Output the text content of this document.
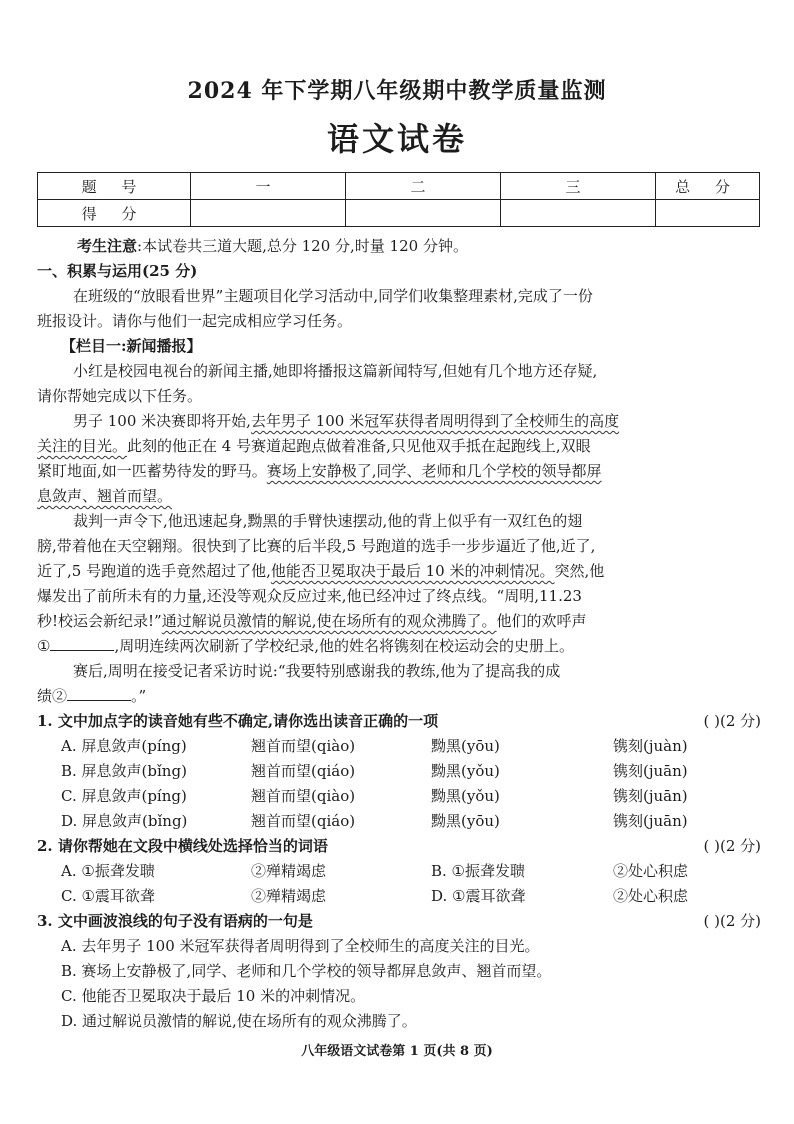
2024 年下学期八年级期中教学质量监测
语文试卷
题 号	一	二	三	总 分
得 分				
考生注意:本试卷共三道大题,总分 120 分,时量 120 分钟。
一、积累与运用(25 分)
在班级的“放眼看世界”主题项目化学习活动中,同学们收集整理素材,完成了一份
班报设计。请你与他们一起完成相应学习任务。
【栏目一:新闻播报】
小红是校园电视台的新闻主播,她即将播报这篇新闻特写,但她有几个地方还存疑,
请你帮她完成以下任务。
男子 100 米决赛即将开始,去年男子 100 米冠军获得者周明得到了全校师生的高度
关注的目光。此刻的他正在 4 号赛道起跑点做着准备,只见他双手抵在起跑线上,双眼
紧盯地面,如一匹蓄势待发的野马。赛场上安静极了,同学、老师和几个学校的领导都屏
息敛声、翘首而望。
裁判一声令下,他迅速起身,黝黑的手臂快速摆动,他的背上似乎有一双红色的翅
膀,带着他在天空翱翔。很快到了比赛的后半段,5 号跑道的选手一步步逼近了他,近了,
近了,5 号跑道的选手竟然超过了他,他能否卫冕取决于最后 10 米的冲刺情况。突然,他
爆发出了前所未有的力量,还没等观众反应过来,他已经冲过了终点线。“周明,11.23
秒!校运会新纪录!”通过解说员激情的解说,使在场所有的观众沸腾了。他们的欢呼声
①	,周明连续两次刷新了学校纪录,他的姓名将镌刻在校运动会的史册上。
赛后,周明在接受记者采访时说:“我要特别感谢我的教练,他为了提高我的成
绩②	。”
1. 文中加点字的读音她有些不确定,请你选出读音正确的一项	( )(2 分)
A. 屏息敛声(píng)	翘首而望(qiào)	黝黑(yōu)	镌刻(juàn)
B. 屏息敛声(bǐng)	翘首而望(qiáo)	黝黑(yǒu)	镌刻(juān)
C. 屏息敛声(píng)	翘首而望(qiào)	黝黑(yǒu)	镌刻(juān)
D. 屏息敛声(bǐng)	翘首而望(qiáo)	黝黑(yōu)	镌刻(juān)
2. 请你帮她在文段中横线处选择恰当的词语	( )(2 分)
A. ①振聋发聩	②殚精竭虑	B. ①振聋发聩	②处心积虑
C. ①震耳欲聋	②殚精竭虑	D. ①震耳欲聋	②处心积虑
3. 文中画波浪线的句子没有语病的一句是	( )(2 分)
A. 去年男子 100 米冠军获得者周明得到了全校师生的高度关注的目光。
B. 赛场上安静极了,同学、老师和几个学校的领导都屏息敛声、翘首而望。
C. 他能否卫冕取决于最后 10 米的冲刺情况。
D. 通过解说员激情的解说,使在场所有的观众沸腾了。
八年级语文试卷第 1 页(共 8 页)
